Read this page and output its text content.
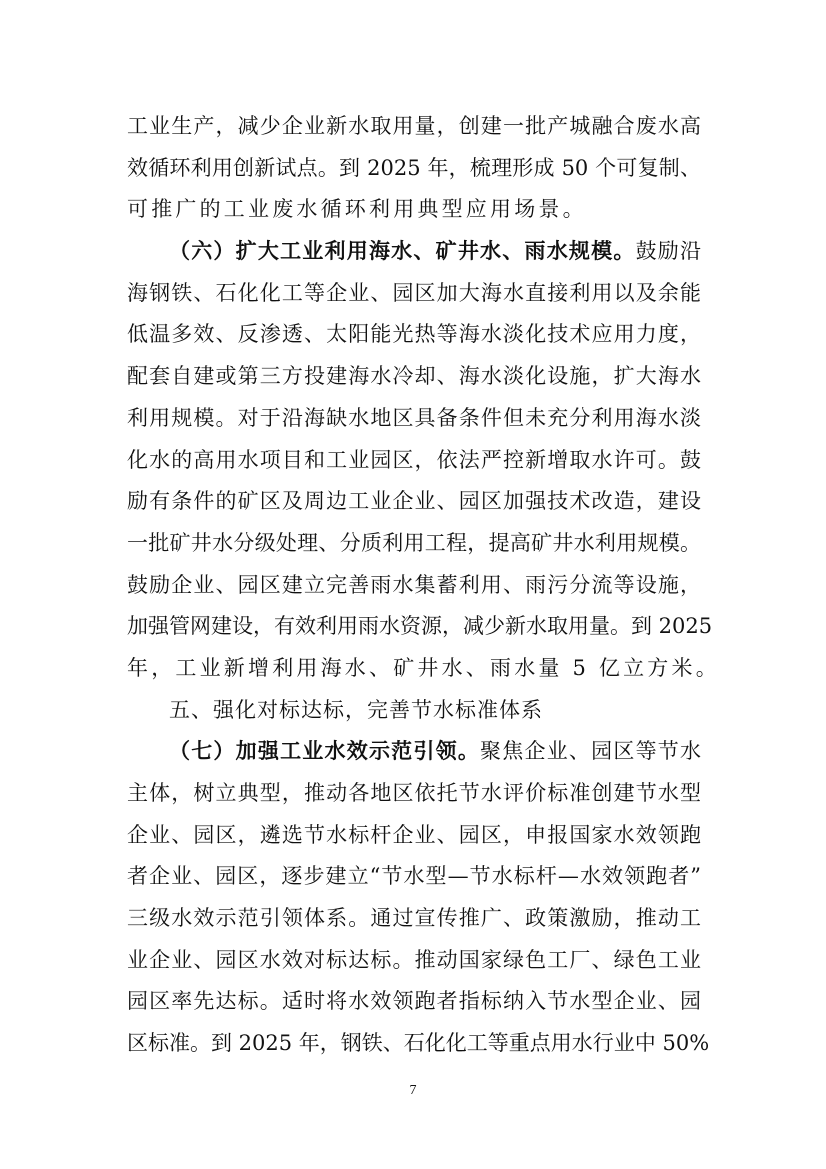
工业生产，减少企业新水取用量，创建一批产城融合废水高
效循环利用创新试点。到 2025 年，梳理形成 50 个可复制、
可推广的工业废水循环利用典型应用场景。
（六）扩大工业利用海水、矿井水、雨水规模。鼓励沿
海钢铁、石化化工等企业、园区加大海水直接利用以及余能
低温多效、反渗透、太阳能光热等海水淡化技术应用力度，
配套自建或第三方投建海水冷却、海水淡化设施，扩大海水
利用规模。对于沿海缺水地区具备条件但未充分利用海水淡
化水的高用水项目和工业园区，依法严控新增取水许可。鼓
励有条件的矿区及周边工业企业、园区加强技术改造，建设
一批矿井水分级处理、分质利用工程，提高矿井水利用规模。
鼓励企业、园区建立完善雨水集蓄利用、雨污分流等设施，
加强管网建设，有效利用雨水资源，减少新水取用量。到 2025
年，工业新增利用海水、矿井水、雨水量 5 亿立方米。
五、强化对标达标，完善节水标准体系
（七）加强工业水效示范引领。聚焦企业、园区等节水
主体，树立典型，推动各地区依托节水评价标准创建节水型
企业、园区，遴选节水标杆企业、园区，申报国家水效领跑
者企业、园区，逐步建立“节水型—节水标杆—水效领跑者”
三级水效示范引领体系。通过宣传推广、政策激励，推动工
业企业、园区水效对标达标。推动国家绿色工厂、绿色工业
园区率先达标。适时将水效领跑者指标纳入节水型企业、园
区标准。到 2025 年，钢铁、石化化工等重点用水行业中 50%
7
